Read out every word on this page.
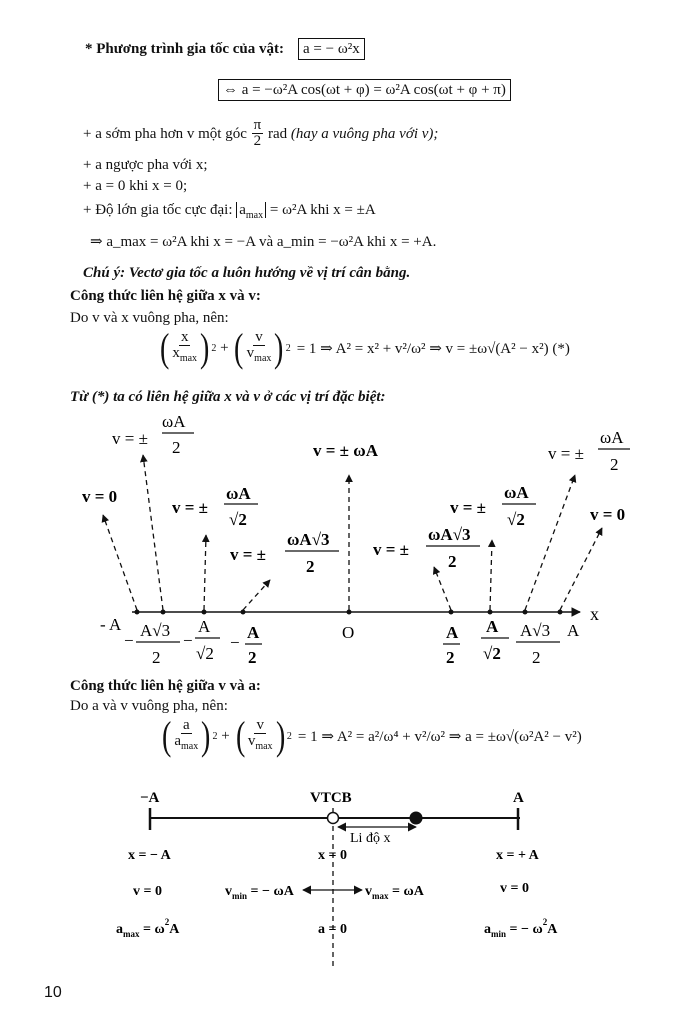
* Phương trình gia tốc của vật:	a = − ω²x
⇔ a = −ω²A cos(ωt + φ) = ω²A cos(ωt + φ + π)
+ a sớm pha hơn v một góc
$\frac{\pi}{2}$
rad
(hay a vuông pha với v);
+ a ngược pha với x;
+ a = 0 khi x = 0;
+ Độ lớn gia tốc cực đại: $a_{max} = \omega^2A$ khi x = ±A
⇒ a_max = ω²A khi x = −A và a_min = −ω²A khi x = +A.
Chú ý: Vectơ gia tốc a luôn hướng về vị trí cân bằng.
Công thức liên hệ giữa x và v:
Do v và x vuông pha, nên:
( $\frac{x}{x_{max}}$ ) 2 + ( $\frac{v}{v_{max}}$ ) 2 = 1 ⇒ A² = x² + v²/ω² ⇒ v = ±ω√(A² − x²) (*)
Từ (*) ta có liên hệ giữa x và v ở các vị trí đặc biệt:
x
v = ±
ωA
2
v = 0
v = ±
ωA
√2
v = ±
ωA√3
2
v = ± ωA
v = ±
ωA√3
2
v = ±
ωA
√2
v = ±
ωA
2
v = 0
- A
−
A√3
2
−
A
√2
−
A
2
O	A
2
A
√2
A√3
2
A
Công thức liên hệ giữa v và a:
Do a và v vuông pha, nên:
( $\frac{a}{a_{max}}$ ) 2 + ( $\frac{v}{v_{max}}$ ) 2 = 1 ⇒ A² = a²/ω⁴ + v²/ω² ⇒ a = ±ω√(ω²A² − v²)
−A	VTCB	A
Li độ x
x = − A	x = 0	x = + A
v = 0	$v_{min}$ = − ωA	$v_{max} = \omega A$	v = 0
$a_{max} = \omega^2A$	a = 0	$a_{min}$ = − $\omega^2A$
10
